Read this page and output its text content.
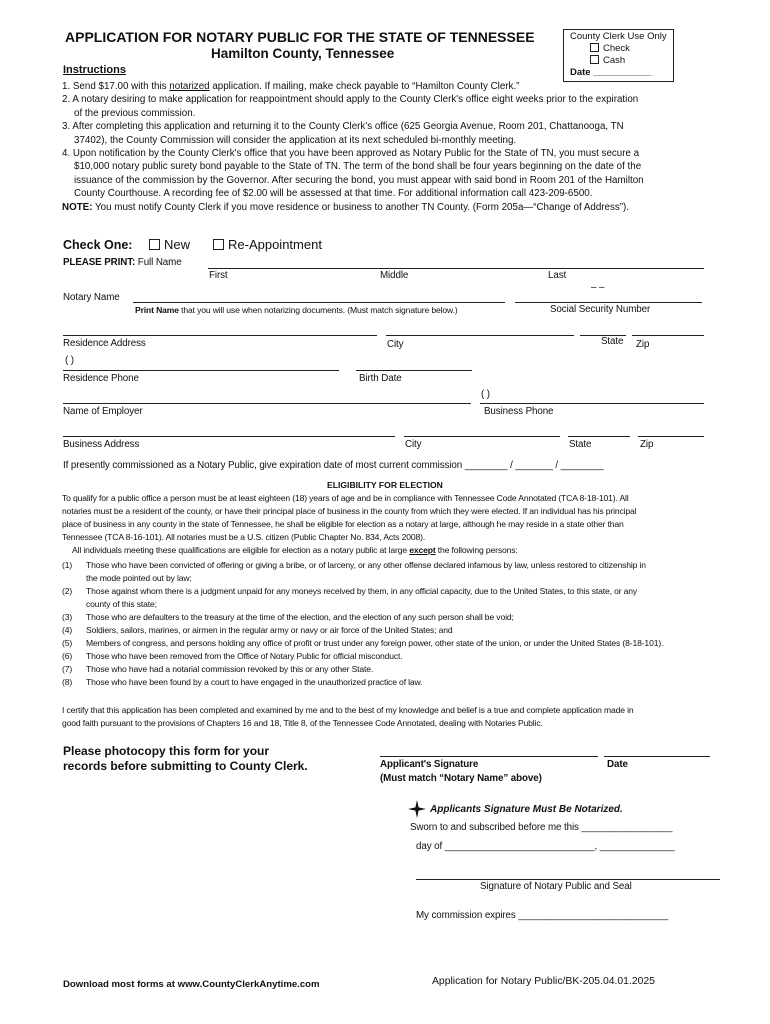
APPLICATION FOR NOTARY PUBLIC FOR THE STATE OF TENNESSEE
Hamilton County, Tennessee
Instructions
County Clerk Use Only
Check
Cash
Date ___________
1. Send $17.00 with this notarized application. If mailing, make check payable to “Hamilton County Clerk.”
2. A notary desiring to make application for reappointment should apply to the County Clerk's office eight weeks prior to the expiration
of the previous commission.
3. After completing this application and returning it to the County Clerk's office (625 Georgia Avenue, Room 201, Chattanooga, TN
37402), the County Commission will consider the application at its next scheduled bi-monthly meeting.
4. Upon notification by the County Clerk's office that you have been approved as Notary Public for the State of TN, you must secure a
$10,000 notary public surety bond payable to the State of TN. The term of the bond shall be four years beginning on the date of the
issuance of the commission by the Governor. After securing the bond, you must appear with said bond in Room 201 of the Hamilton
County Courthouse. A recording fee of $2.00 will be assessed at that time. For additional information call 423-209-6500.
NOTE: You must notify County Clerk if you move residence or business to another TN County. (Form 205a—“Change of Address”).
Check One:	New	Re-Appointment
PLEASE PRINT: Full Name
First	Middle	Last
Notary Name
– –
Print Name that you will use when notarizing documents. (Must match signature below.)	Social Security Number
Residence Address	City	State Zip
( )
Residence Phone	Birth Date
( )
Name of Employer	Business Phone
Business Address	City	State	Zip
If presently commissioned as a Notary Public, give expiration date of most current commission ________ / _______ / ________
ELIGIBILITY FOR ELECTION
To qualify for a public office a person must be at least eighteen (18) years of age and be in compliance with Tennessee Code Annotated (TCA 8-18-101). All
notaries must be a resident of the county, or have their principal place of business in the county from which they were elected. If an individual has his principal
place of business in any county in the state of Tennessee, he shall be eligible for election as a notary at large, although he may reside in a state other than
Tennessee (TCA 8-16-101). All notaries must be a U.S. citizen (Public Chapter No. 834, Acts 2008).
All individuals meeting these qualifications are eligible for election as a notary public at large except the following persons:
(1)	Those who have been convicted of offering or giving a bribe, or of larceny, or any other offense declared infamous by law, unless restored to citizenship in
the mode pointed out by law;
(2)	Those against whom there is a judgment unpaid for any moneys received by them, in any official capacity, due to the United States, to this state, or any
county of this state;
(3)	Those who are defaulters to the treasury at the time of the election, and the election of any such person shall be void;
(4)	Soldiers, sailors, marines, or airmen in the regular army or navy or air force of the United States; and
(5)	Members of congress, and persons holding any office of profit or trust under any foreign power, other state of the union, or under the United States (8-18-101).
(6)	Those who have been removed from the Office of Notary Public for official misconduct.
(7)	Those who have had a notarial commission revoked by this or any other State.
(8)	Those who have been found by a court to have engaged in the unauthorized practice of law.
I certify that this application has been completed and examined by me and to the best of my knowledge and belief is a true and complete application made in
good faith pursuant to the provisions of Chapters 16 and 18, Title 8, of the Tennessee Code Annotated, dealing with Notaries Public.
Please photocopy this form for your
records before submitting to County Clerk.	Applicant's Signature	Date
(Must match “Notary Name” above)
Applicants Signature Must Be Notarized.
Sworn to and subscribed before me this _________________
day of ____________________________, ______________
Signature of Notary Public and Seal
My commission expires ____________________________
Download most forms at www.CountyClerkAnytime.com	Application for Notary Public/BK-205.04.01.2025
